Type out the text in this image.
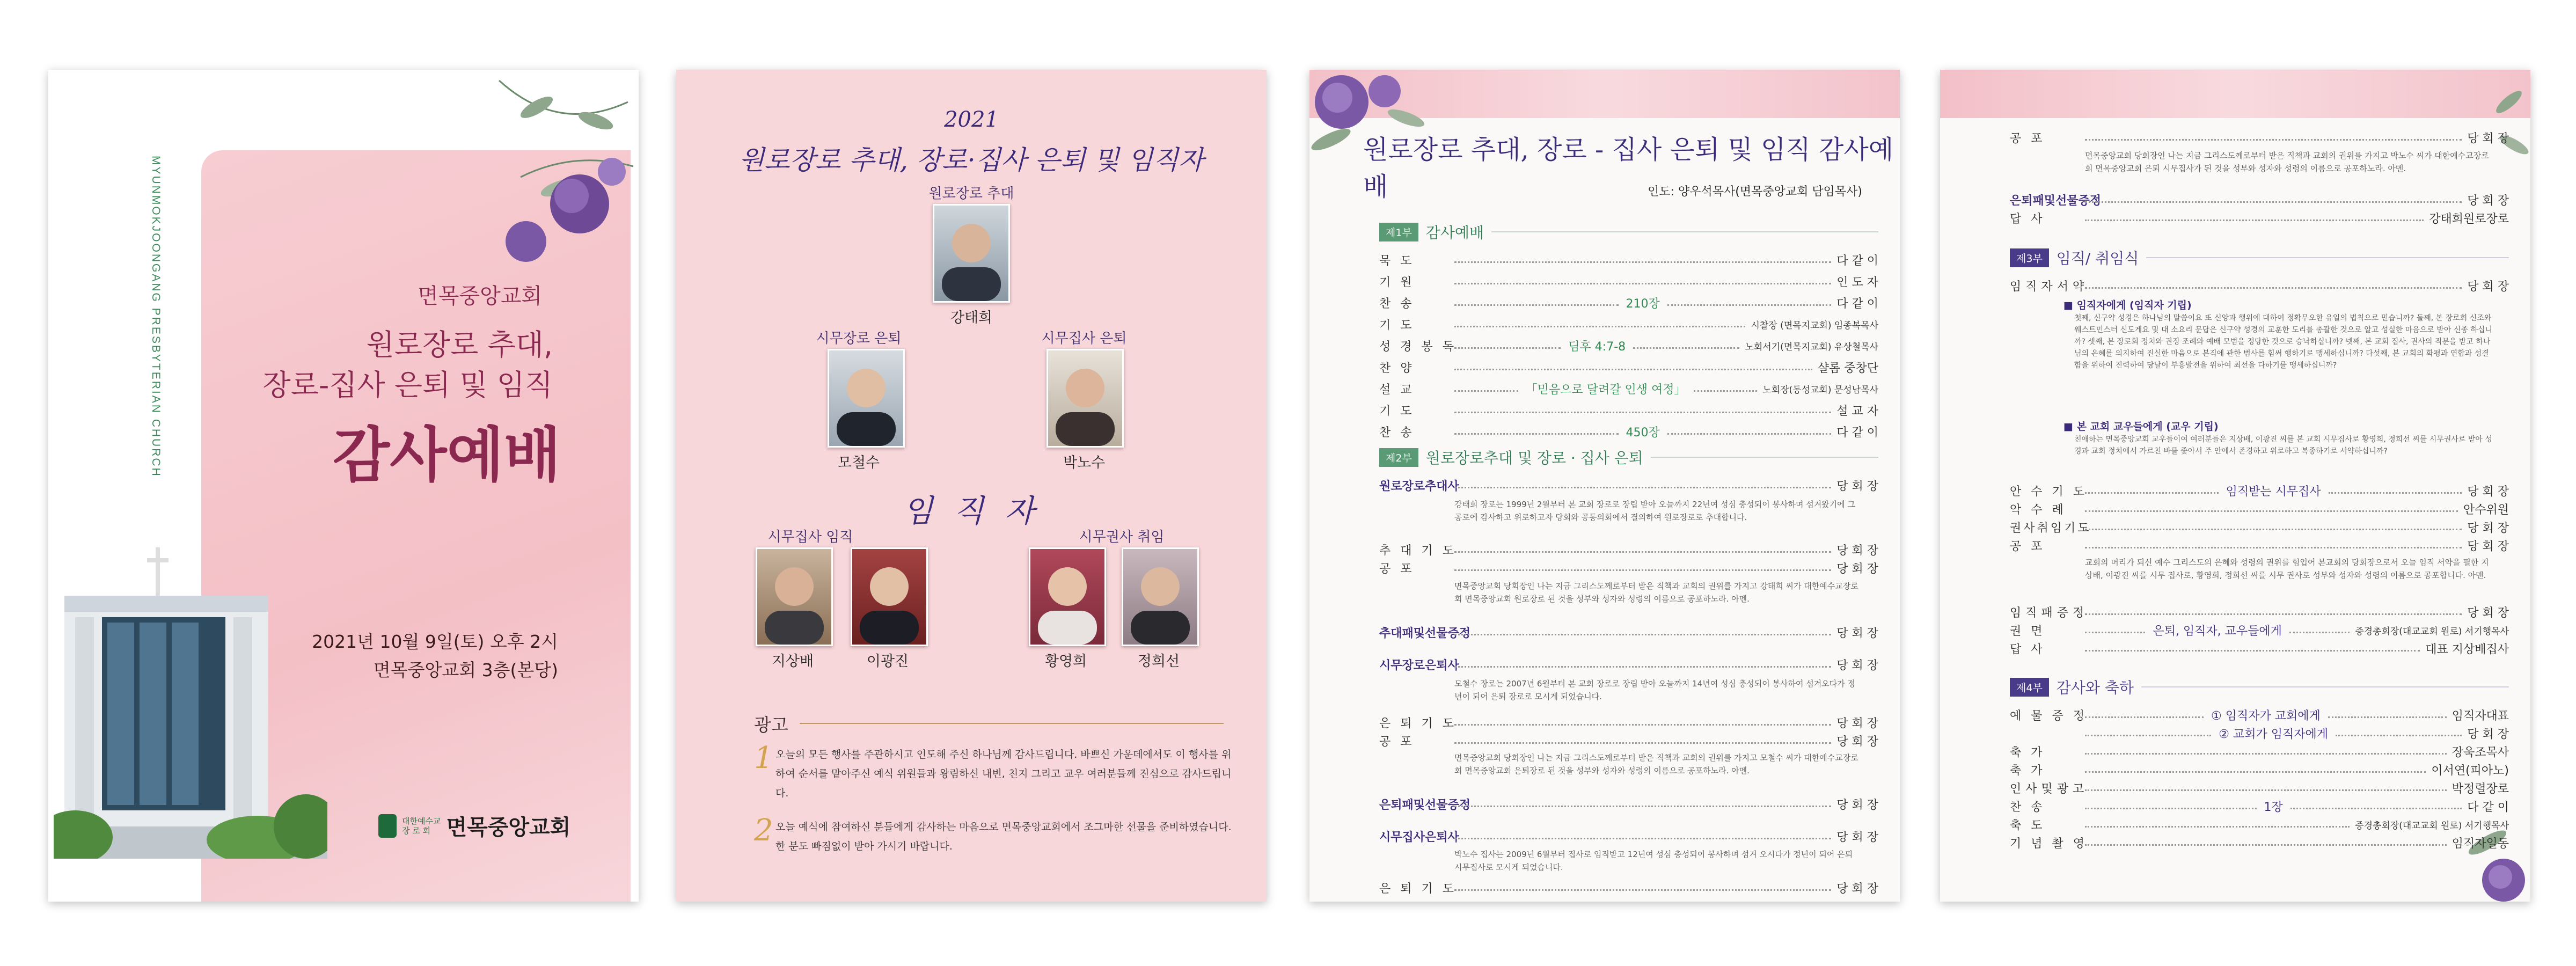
MYUNMOKJOONGANG PRESBYTERIAN CHURCH	면목중앙교회
원로장로 추대,
장로-집사 은퇴 및 임직
감사예배
2021년 10월 9일(토) 오후 2시
면목중앙교회 3층(본당)
대한예수교
장 로 회 면목중앙교회
2021
원로장로 추대, 장로·집사 은퇴 및 임직자
원로장로 추대
강태희
시무장로 은퇴
모철수
시무집사 은퇴
박노수
임 직 자
시무집사 임직	시무권사 취임
지상배	이광진	황영희	정희선
광고
1 오늘의 모든 행사를 주관하시고 인도해 주신 하나님께 감사드립니다. 바쁘신 가운데에서도 이 행사를 위하여 순서를 맡아주신 예식 위원들과 왕림하신 내빈, 친지 그리고 교우 여러분들께 진심으로 감사드립니다.
2 오늘 예식에 참여하신 분들에게 감사하는 마음으로 면목중앙교회에서 조그마한 선물을 준비하였습니다. 한 분도 빠짐없이 받아 가시기 바랍니다.
원로장로 추대, 장로 - 집사 은퇴 및 임직 감사예배	인도: 양우석목사(면목중앙교회 담임목사)
제1부 감사예배
제2부 원로장로추대 및 장로 · 집사 은퇴
원로장로추대사	당 회 장
강태희 장로는 1999년 2월부터 본 교회 장로로 장립 받아 오늘까지 22년여 성심 충성되이 봉사하며 섬겨왔기에 그 공로에 감사하고 위로하고자 당회와 공동의회에서 결의하여 원로장로로 추대합니다.
추대기도	당 회 장
공포	당 회 장
면목중앙교회 당회장인 나는 지금 그리스도께로부터 받은 직책과 교회의 권위를 가지고 강태희 씨가 대한예수교장로회 면목중앙교회 원로장로 된 것을 성부와 성자와 성령의 이름으로 공포하노라. 아멘.
추대패및선물증정	당 회 장
시무장로은퇴사	당 회 장
모철수 장로는 2007년 6월부터 본 교회 장로로 장립 받아 오늘까지 14년여 성심 충성되이 봉사하여 섬겨오다가 정년이 되어 은퇴 장로로 모시게 되었습니다.
은퇴기도	당 회 장
공포	당 회 장
면목중앙교회 당회장인 나는 지금 그리스도께로부터 받은 직책과 교회의 권위를 가지고 모철수 씨가 대한예수교장로회 면목중앙교회 은퇴장로 된 것을 성부와 성자와 성령의 이름으로 공포하노라. 아멘.
은퇴패및선물증정	당 회 장
시무집사은퇴사	당 회 장
박노수 집사는 2009년 6월부터 집사로 임직받고 12년여 성심 충성되이 봉사하며 섬겨 오시다가 정년이 되어 은퇴 시무집사로 모시게 되었습니다.
은퇴기도	당 회 장
묵도	다 같 이
기원	인 도 자
찬송	210장	다 같 이
기도	시찰장 (면목지교회) 임종복목사
성경봉독	딤후 4:7-8	노회서기(면목지교회) 유상철목사
찬양	샬롬 중창단
설교	「믿음으로 달려갈 인생 여정」	노회장(동성교회) 문성남목사
기도	설 교 자
찬송	450장	다 같 이
공포	당 회 장
면목중앙교회 당회장인 나는 지금 그리스도께로부터 받은 직책과 교회의 권위를 가지고 박노수 씨가 대한예수교장로회 면목중앙교회 은퇴 시무집사가 된 것을 성부와 성자와 성령의 이름으로 공포하노라. 아멘.
은퇴패및선물증정	당 회 장
답사	강태희원로장로
제3부 임직/ 취임식
임직자서약	당 회 장
■ 임직자에게 (임직자 기립)
첫째, 신구약 성경은 하나님의 말씀이요 또 신앙과 행위에 대하여 정확무오한 유일의 법칙으로 믿습니까? 둘째, 본 장로회 신조와 웨스트민스터 신도게요 및 대 소요리 문답은 신구약 성경의 교훈한 도리를 총괄한 것으로 알고 성실한 마음으로 받아 신종 하십니까? 셋째, 본 장로회 정치와 권징 조례와 예배 모범을 정당한 것으로 승낙하십니까? 넷째, 본 교회 집사, 권사의 직분을 받고 하나님의 은혜를 의지하여 진실한 마음으로 본직에 관한 범사를 힘써 행하기로 맹세하십니까? 다섯째, 본 교회의 화평과 연합과 성결함을 위하여 진력하여 당날이 부흥발전을 위하여 최선을 다하기를 맹세하십니까?
■ 본 교회 교우들에게 (교우 기립)
친애하는 면목중앙교회 교우들이여 여러분들은 지상배, 이광진 씨를 본 교회 시무집사로 황영희, 정희선 씨를 시무권사로 받아 성경과 교회 정치에서 가르친 바를 좇아서 주 안에서 존경하고 위로하고 복종하기로 서약하십니까?
안수기도	임직받는 시무집사	당 회 장
악수례	안수위원
권사취임기도	당 회 장
공포	당 회 장
교회의 머리가 되신 예수 그리스도의 은혜와 성령의 권위를 힘입어 본교회의 당회장으로서 오늘 임직 서약을 필한 지상배, 이광진 씨를 시무 집사로, 황영희, 정희선 씨를 시무 권사로 성부와 성자와 성령의 이름으로 공포합니다. 아멘.
임직패증정	당 회 장
권면	은퇴, 임직자, 교우들에게	증경총회장(대교교회 원로) 서기행목사
답사	대표 지상배집사
제4부 감사와 축하
예물증정	① 임직자가 교회에게	임직자대표
② 교회가 임직자에게	당 회 장
축가	장욱조목사
축가	이서연(피아노)
인사및광고	박정렬장로
찬송	1장	다 같 이
축도	증경총회장(대교교회 원로) 서기행목사
기념촬영	임직자일동
